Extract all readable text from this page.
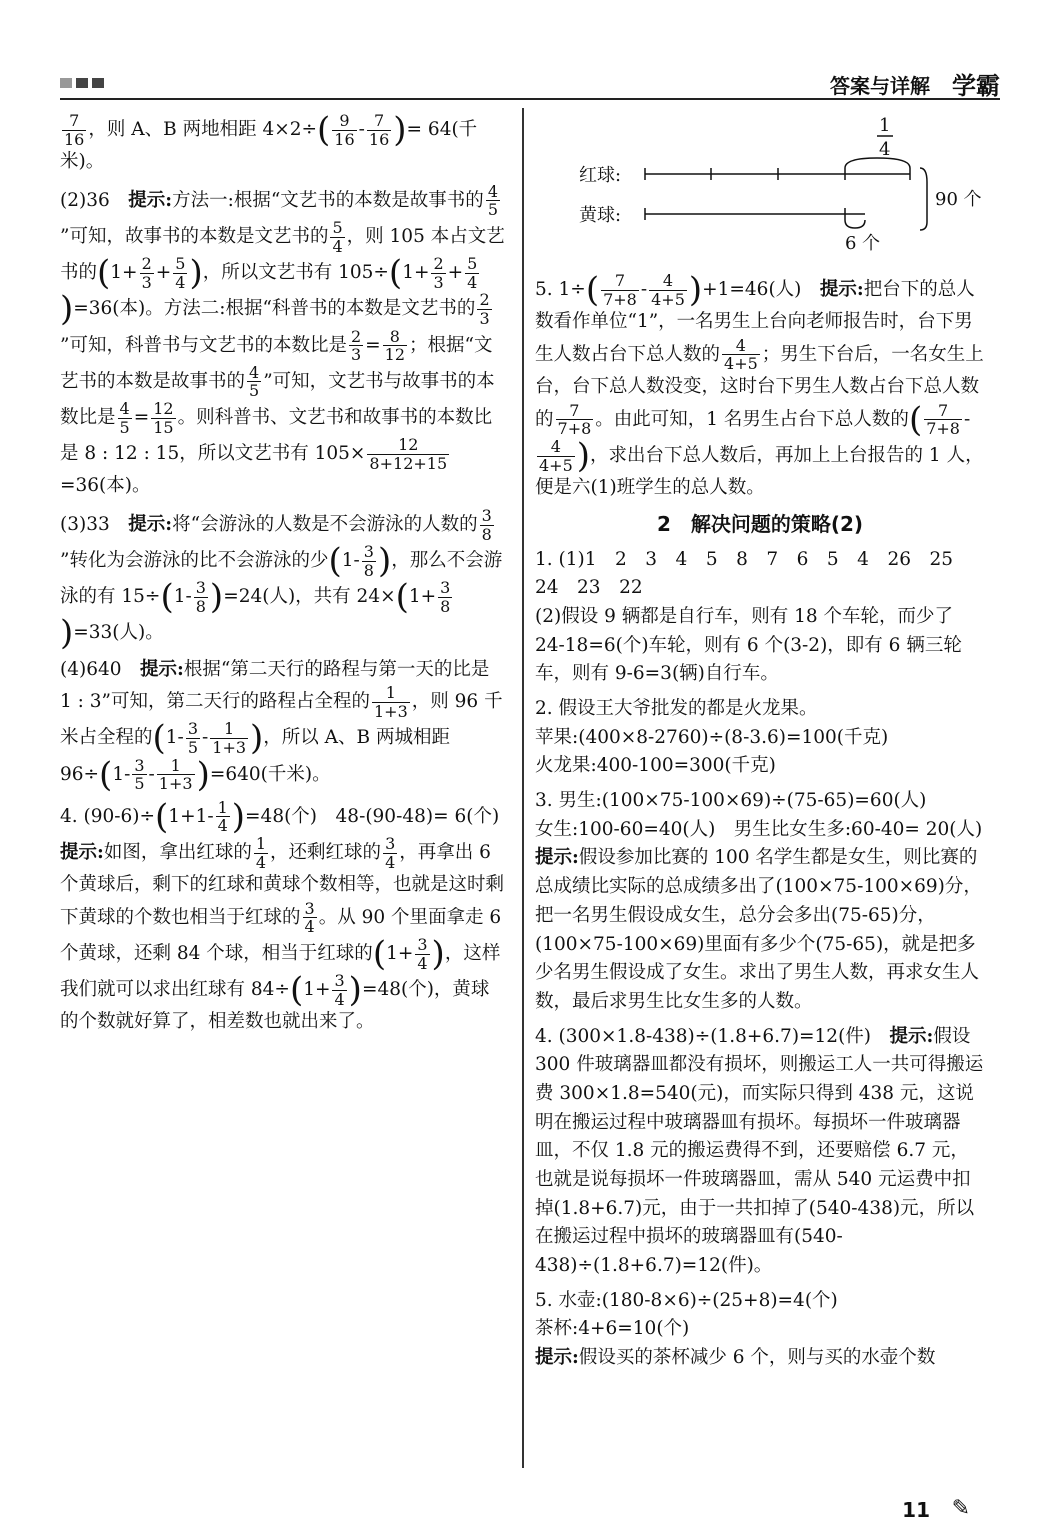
答案与详解 学霸

$\frac{7}{16}$ ，则 A、B 两地相距 $4\times 2\div( \frac{9}{16} - \frac{7}{16}$ )= 64(千米)。

(2)36　 提示:方法一:根据“文艺书的本数是故事书的 $\frac{4}{5}$
”可知，故事书的本数是文艺书的 $\frac{5}{4}$ ，则 105 本占文艺书的($1+ \frac{2}{3} + \frac{5}{4}$ )，所以文艺书有 $105\div(1+ \frac{2}{3} + \frac{5}{4}$
)=36(本)。方法二:根据“科普书的本数是文艺书的 $\frac{2}{3}$
”可知，科普书与文艺书的本数比是 $\frac{2}{3} = \frac{8}{12}$ ；根据“文艺书的本数是故事书的 $\frac{4}{5}$ ”可知，文艺书与故事书的本数比是 $\frac{4}{5} = \frac{12}{15}$ 。则科普书、文艺书和故事书的本数比是 8 : 12 : 15，所以文艺书有 $105\times \frac{12}{8+12+15}$
=36(本)。

(3)33　 提示:将“会游泳的人数是不会游泳的人数的 $\frac{3}{8}$
”转化为会游泳的比不会游泳的少($1- \frac{3}{8}$ )，那么不会游泳的有 $15\div(1- \frac{3}{8} )=24$(人)，共有 $24\times(1+ \frac{3}{8}$
)=33(人)。

(4)640　 提示:根据“第二天行的路程与第一天的比是 1 : 3”可知，第二天行的路程占全程的 $\frac{1}{1+3}$ ，则 96 千米占全程的($1- \frac{3}{5} - \frac{1}{1+3}$ )，所以 A、B 两城相距 $96\div(1- \frac{3}{5} - \frac{1}{1+3} )=640$(千米)。

4. $(90-6)\div(1+1- \frac{1}{4} )=48$(个)　48-(90-48)= 6(个)　提示:如图，拿出红球的 $\frac{1}{4}$ ，还剩红球的 $\frac{3}{4}$ ，再拿出 6 个黄球后，剩下的红球和黄球个数相等，也就是这时剩下黄球的个数也相当于红球的 $\frac{3}{4}$ 。从 90 个里面拿走 6 个黄球，还剩 84 个球，相当于红球的($1+ \frac{3}{4}$ )，这样我们就可以求出红球有 $84\div(1+ \frac{3}{4} )=48$(个)，黄球的个数就好算了，相差数也就出来了。

1
4
红球:
黄球:
90 个
6 个

5. $1\div( \frac{7}{7+8} - \frac{4}{4+5} )+1=46$(人)　 提示:把台下的总人数看作单位“1”，一名男生上台向老师报告时，台下男生人数占台下总人数的 $\frac{4}{4+5}$ ；男生下台后，一名女生上台，台下总人数没变，这时台下男生人数占台下总人数的 $\frac{7}{7+8}$ 。由此可知，1 名男生占台下总人数的( $\frac{7}{7+8}$ -
$\frac{4}{4+5}$ )，求出台下总人数后，再加上上台报告的 1 人，便是六(1)班学生的总人数。

2　解决问题的策略(2)

1. (1)1　2　3　4　5　8　7　6　5　4　26　25　24　23　22
(2)假设 9 辆都是自行车，则有 18 个车轮，而少了 24-18=6(个)车轮，则有 6 个(3-2)，即有 6 辆三轮车，则有 9-6=3(辆)自行车。

2. 假设王大爷批发的都是火龙果。
苹果:(400×8-2760)÷(8-3.6)=100(千克)
火龙果:400-100=300(千克)

3. 男生:(100×75-100×69)÷(75-65)=60(人)
女生:100-60=40(人)　男生比女生多:60-40= 20(人)　提示:假设参加比赛的 100 名学生都是女生，则比赛的总成绩比实际的总成绩多出了(100×75-100×69)分，把一名男生假设成女生，总分会多出(75-65)分，(100×75-100×69)里面有多少个(75-65)，就是把多少名男生假设成了女生。求出了男生人数，再求女生人数，最后求男生比女生多的人数。

4. (300×1.8-438)÷(1.8+6.7)=12(件)　 提示:假设 300 件玻璃器皿都没有损坏，则搬运工人一共可得搬运费 300×1.8=540(元)，而实际只得到 438 元，这说明在搬运过程中玻璃器皿有损坏。每损坏一件玻璃器皿，不仅 1.8 元的搬运费得不到，还要赔偿 6.7 元，也就是说每损坏一件玻璃器皿，需从 540 元运费中扣掉(1.8+6.7)元，由于一共扣掉了(540-438)元，所以在搬运过程中损坏的玻璃器皿有(540-438)÷(1.8+6.7)=12(件)。

5. 水壶:(180-8×6)÷(25+8)=4(个)
茶杯:4+6=10(个)
提示:假设买的茶杯减少 6 个，则与买的水壶个数

11 ✎
